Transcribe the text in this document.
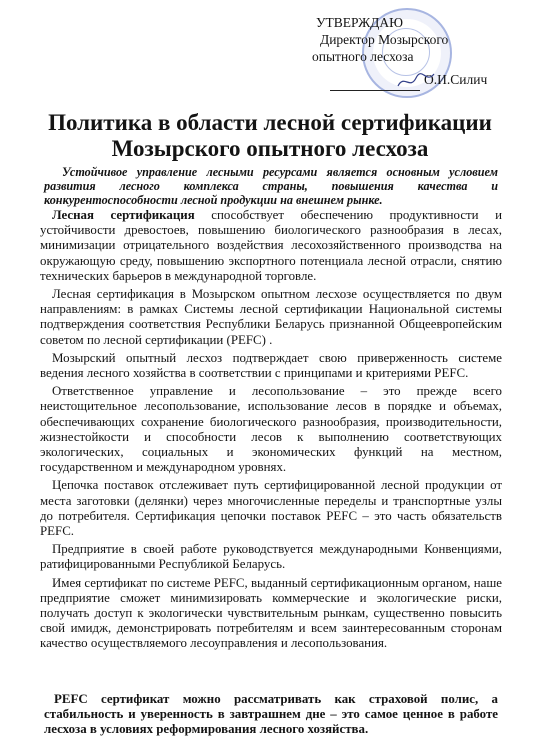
УТВЕРЖДАЮ
Директор Мозырского
опытного лесхоза
О.И.Силич
Политика в области лесной сертификации
Мозырского опытного лесхоза
Устойчивое управление лесными ресурсами является основным условием развития лесного комплекса страны, повышения качества и конкурентоспособности лесной продукции на внешнем рынке.

Лесная сертификация способствует обеспечению продуктивности и устойчивости древостоев, повышению биологического разнообразия в лесах, минимизации отрицательного воздействия лесохозяйственного производства на окружающую среду, повышению экспортного потенциала лесной отрасли, снятию технических барьеров в международной торговле.

Лесная сертификация в Мозырском опытном лесхозе осуществляется по двум направлениям: в рамках Системы лесной сертификации Национальной системы подтверждения соответствия Республики Беларусь признанной Общеевропейским советом по лесной сертификации (PEFC) .

Мозырский опытный лесхоз подтверждает свою приверженность системе ведения лесного хозяйства в соответствии с принципами и критериями PEFC.

Ответственное управление и лесопользование – это прежде всего неистощительное лесопользование, использование лесов в порядке и объемах, обеспечивающих сохранение биологического разнообразия, производительности, жизнестойкости и способности лесов к выполнению соответствующих экологических, социальных и экономических функций на местном, государственном и международном уровнях.

Цепочка поставок отслеживает путь сертифицированной лесной продукции от места заготовки (делянки) через многочисленные переделы и транспортные узлы до потребителя. Сертификация цепочки поставок PEFC – это часть обязательств PEFC.

Предприятие в своей работе руководствуется международными Конвенциями, ратифицированными Республикой Беларусь.

Имея сертификат по системе PEFC, выданный сертификационным органом, наше предприятие сможет минимизировать коммерческие и экологические риски, получать доступ к экологически чувствительным рынкам, существенно повысить свой имидж, демонстрировать потребителям и всем заинтересованным сторонам качество осуществляемого лесоуправления и лесопользования.

PEFC сертификат можно рассматривать как страховой полис, а стабильность и уверенность в завтрашнем дне – это самое ценное в работе лесхоза в условиях реформирования лесного хозяйства.
